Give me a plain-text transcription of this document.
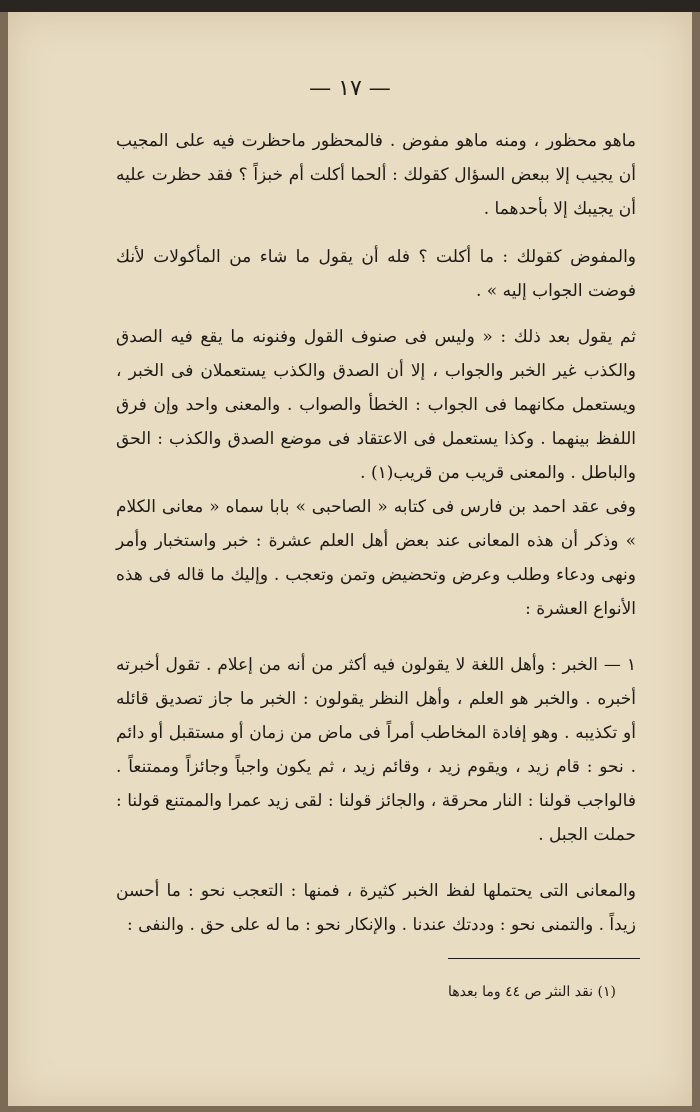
— ١٧ —
ماهو محظور ، ومنه ماهو مفوض . فالمحظور ماحظرت فيه على المجيب أن يجيب إلا ببعض السؤال كقولك : ألحما أكلت أم خبزاً ؟ فقد حظرت عليه أن يجيبك إلا بأحدهما .
والمفوض كقولك : ما أكلت ؟ فله أن يقول ما شاء من المأكولات لأنك فوضت الجواب إليه » .
ثم يقول بعد ذلك : « وليس فى صنوف القول وفنونه ما يقع فيه الصدق والكذب غير الخبر والجواب ، إلا أن الصدق والكذب يستعملان فى الخبر ، ويستعمل مكانهما فى الجواب : الخطأ والصواب . والمعنى واحد وإن فرق اللفظ بينهما . وكذا يستعمل فى الاعتقاد فى موضع الصدق والكذب : الحق والباطل . والمعنى قريب من قريب(١) .
وفى عقد احمد بن فارس فى كتابه « الصاحبى » بابا سماه « معانى الكلام » وذكر أن هذه المعانى عند بعض أهل العلم عشرة : خبر واستخبار وأمر ونهى ودعاء وطلب وعرض وتحضيض وتمن وتعجب . وإليك ما قاله فى هذه الأنواع العشرة :
١ — الخبر : وأهل اللغة لا يقولون فيه أكثر من أنه من إعلام . تقول أخبرته أخبره . والخبر هو العلم ، وأهل النظر يقولون : الخبر ما جاز تصديق قائله أو تكذيبه . وهو إفادة المخاطب أمراً فى ماض من زمان أو مستقبل أو دائم . نحو : قام زيد ، ويقوم زيد ، وقائم زيد ، ثم يكون واجباً وجائزاً وممتنعاً . فالواجب قولنا : النار محرقة ، والجائز قولنا : لقى زيد عمرا والممتنع قولنا : حملت الجبل .
والمعانى التى يحتملها لفظ الخبر كثيرة ، فمنها : التعجب نحو : ما أحسن زيداً . والتمنى نحو : وددتك عندنا . والإنكار نحو : ما له على حق . والنفى :
(١) نقد النثر ص ٤٤ وما بعدها
